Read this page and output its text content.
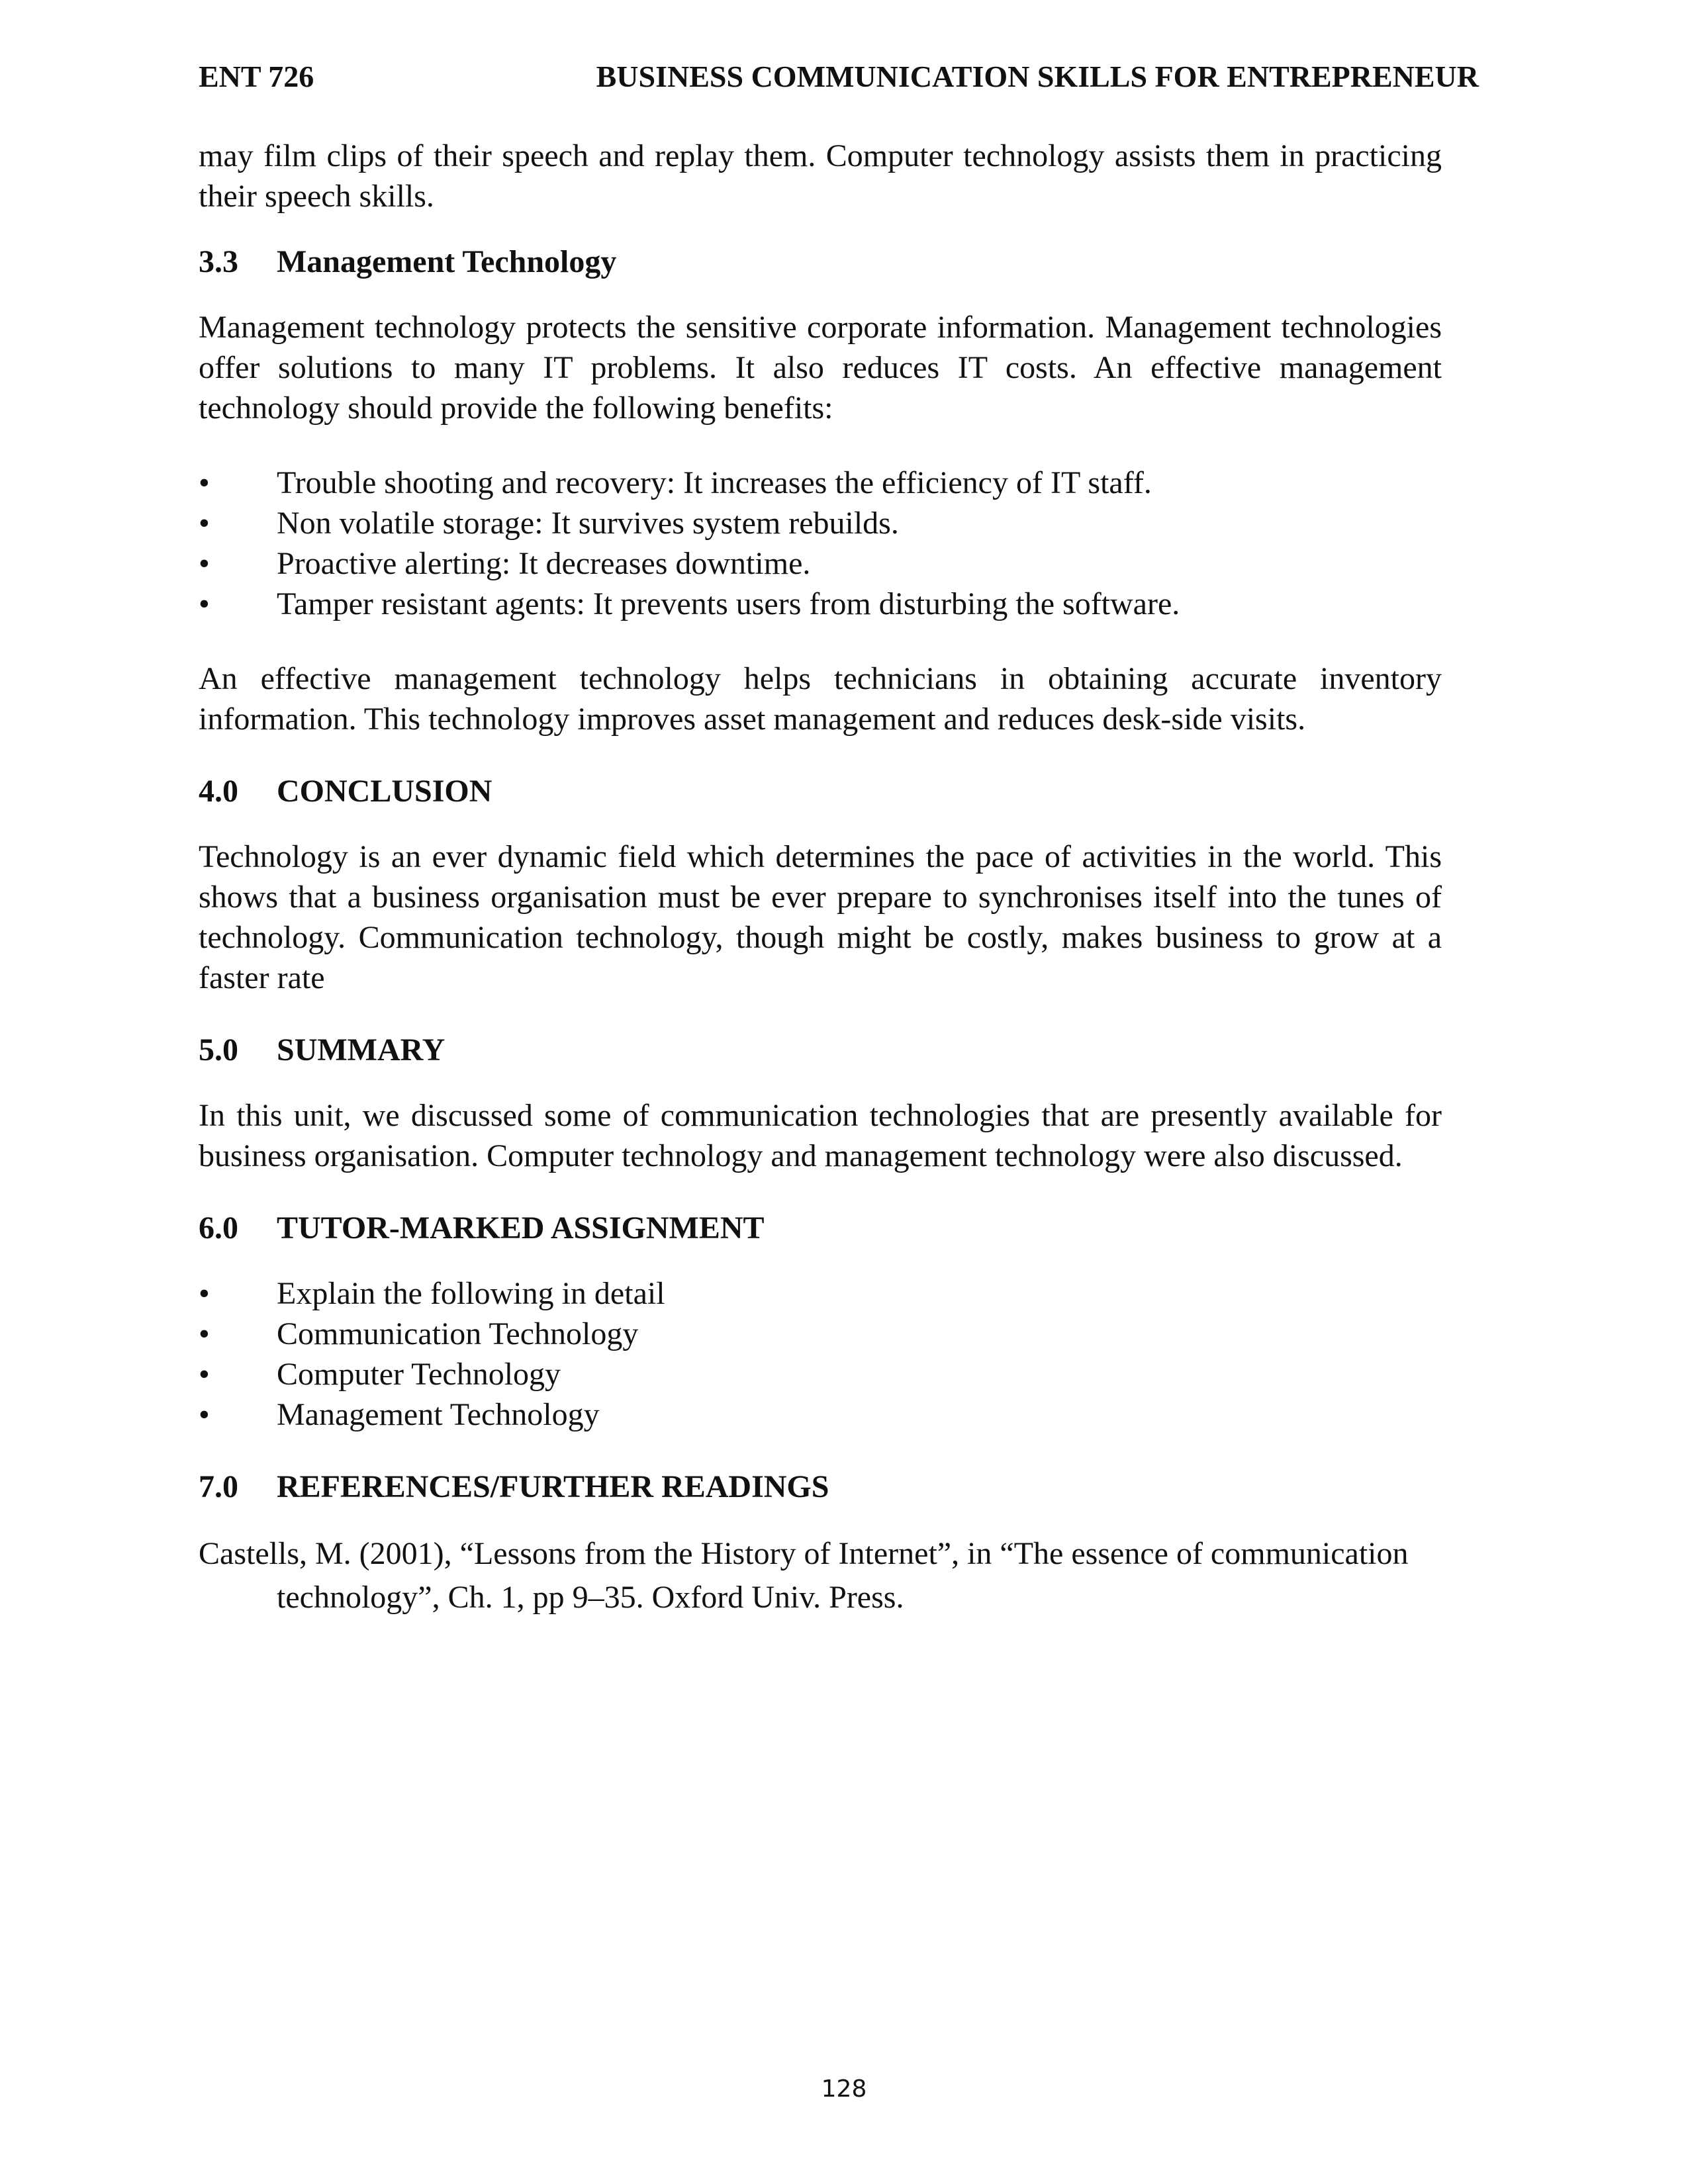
ENT 726	BUSINESS COMMUNICATION SKILLS FOR ENTREPRENEUR

may film clips of their speech and replay them. Computer technology assists them in practicing their speech skills.

3.3	Management Technology

Management technology protects the sensitive corporate information. Management technologies offer solutions to many IT problems. It also reduces IT costs. An effective management technology should provide the following benefits:

•	Trouble shooting and recovery: It increases the efficiency of IT staff.
•	Non volatile storage: It survives system rebuilds.
•	Proactive alerting: It decreases downtime.
•	Tamper resistant agents: It prevents users from disturbing the software.

An effective management technology helps technicians in obtaining accurate inventory information. This technology improves asset management and reduces desk-side visits.

4.0	CONCLUSION

Technology is an ever dynamic field which determines the pace of activities in the world. This shows that a business organisation must be ever prepare to synchronises itself into the tunes of technology. Communication technology, though might be costly, makes business to grow at a faster rate

5.0	SUMMARY

In this unit, we discussed some of communication technologies that are presently available for business organisation. Computer technology and management technology were also discussed.

6.0	TUTOR-MARKED ASSIGNMENT
•	Explain the following in detail
•	Communication Technology
•	Computer Technology
•	Management Technology
7.0	REFERENCES/FURTHER READINGS

Castells, M. (2001), “Lessons from the History of Internet”, in “The essence of communication technology”, Ch. 1, pp 9–35. Oxford Univ. Press.

128
